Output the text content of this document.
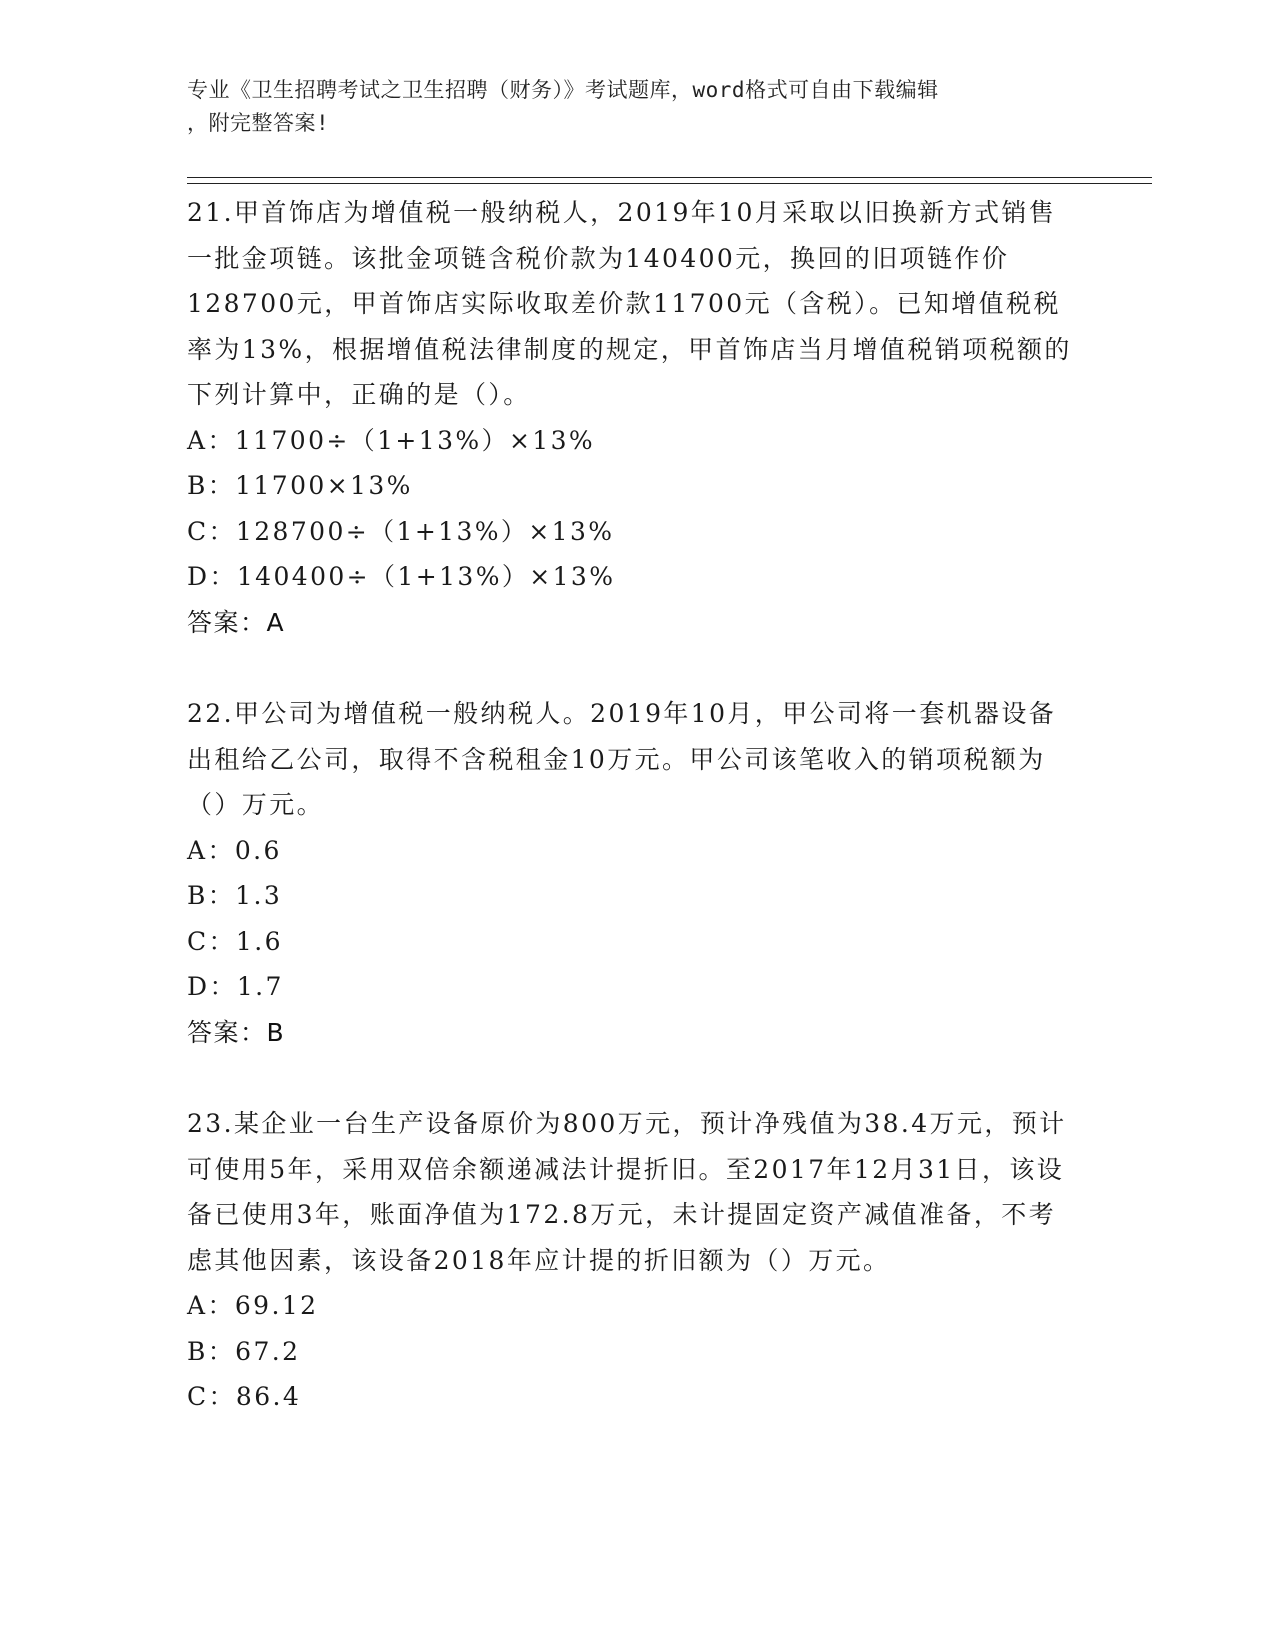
专业《卫生招聘考试之卫生招聘（财务）》考试题库，word格式可自由下载编辑
，附完整答案!

21.甲首饰店为增值税一般纳税人，2019年10月采取以旧换新方式销售一批金项链。该批金项链含税价款为140400元，换回的旧项链作价128700元，甲首饰店实际收取差价款11700元（含税）。已知增值税税率为13%，根据增值税法律制度的规定，甲首饰店当月增值税销项税额的下列计算中，正确的是（）。

A：11700÷（1+13%）×13%

B：11700×13%

C：128700÷（1+13%）×13%

D：140400÷（1+13%）×13%

答案：A

22.甲公司为增值税一般纳税人。2019年10月，甲公司将一套机器设备出租给乙公司，取得不含税租金10万元。甲公司该笔收入的销项税额为（）万元。

A：0.6

B：1.3

C：1.6

D：1.7

答案：B

23.某企业一台生产设备原价为800万元，预计净残值为38.4万元，预计可使用5年，采用双倍余额递减法计提折旧。至2017年12月31日，该设备已使用3年，账面净值为172.8万元，未计提固定资产减值准备，不考虑其他因素，该设备2018年应计提的折旧额为（）万元。

A：69.12

B：67.2

C：86.4
